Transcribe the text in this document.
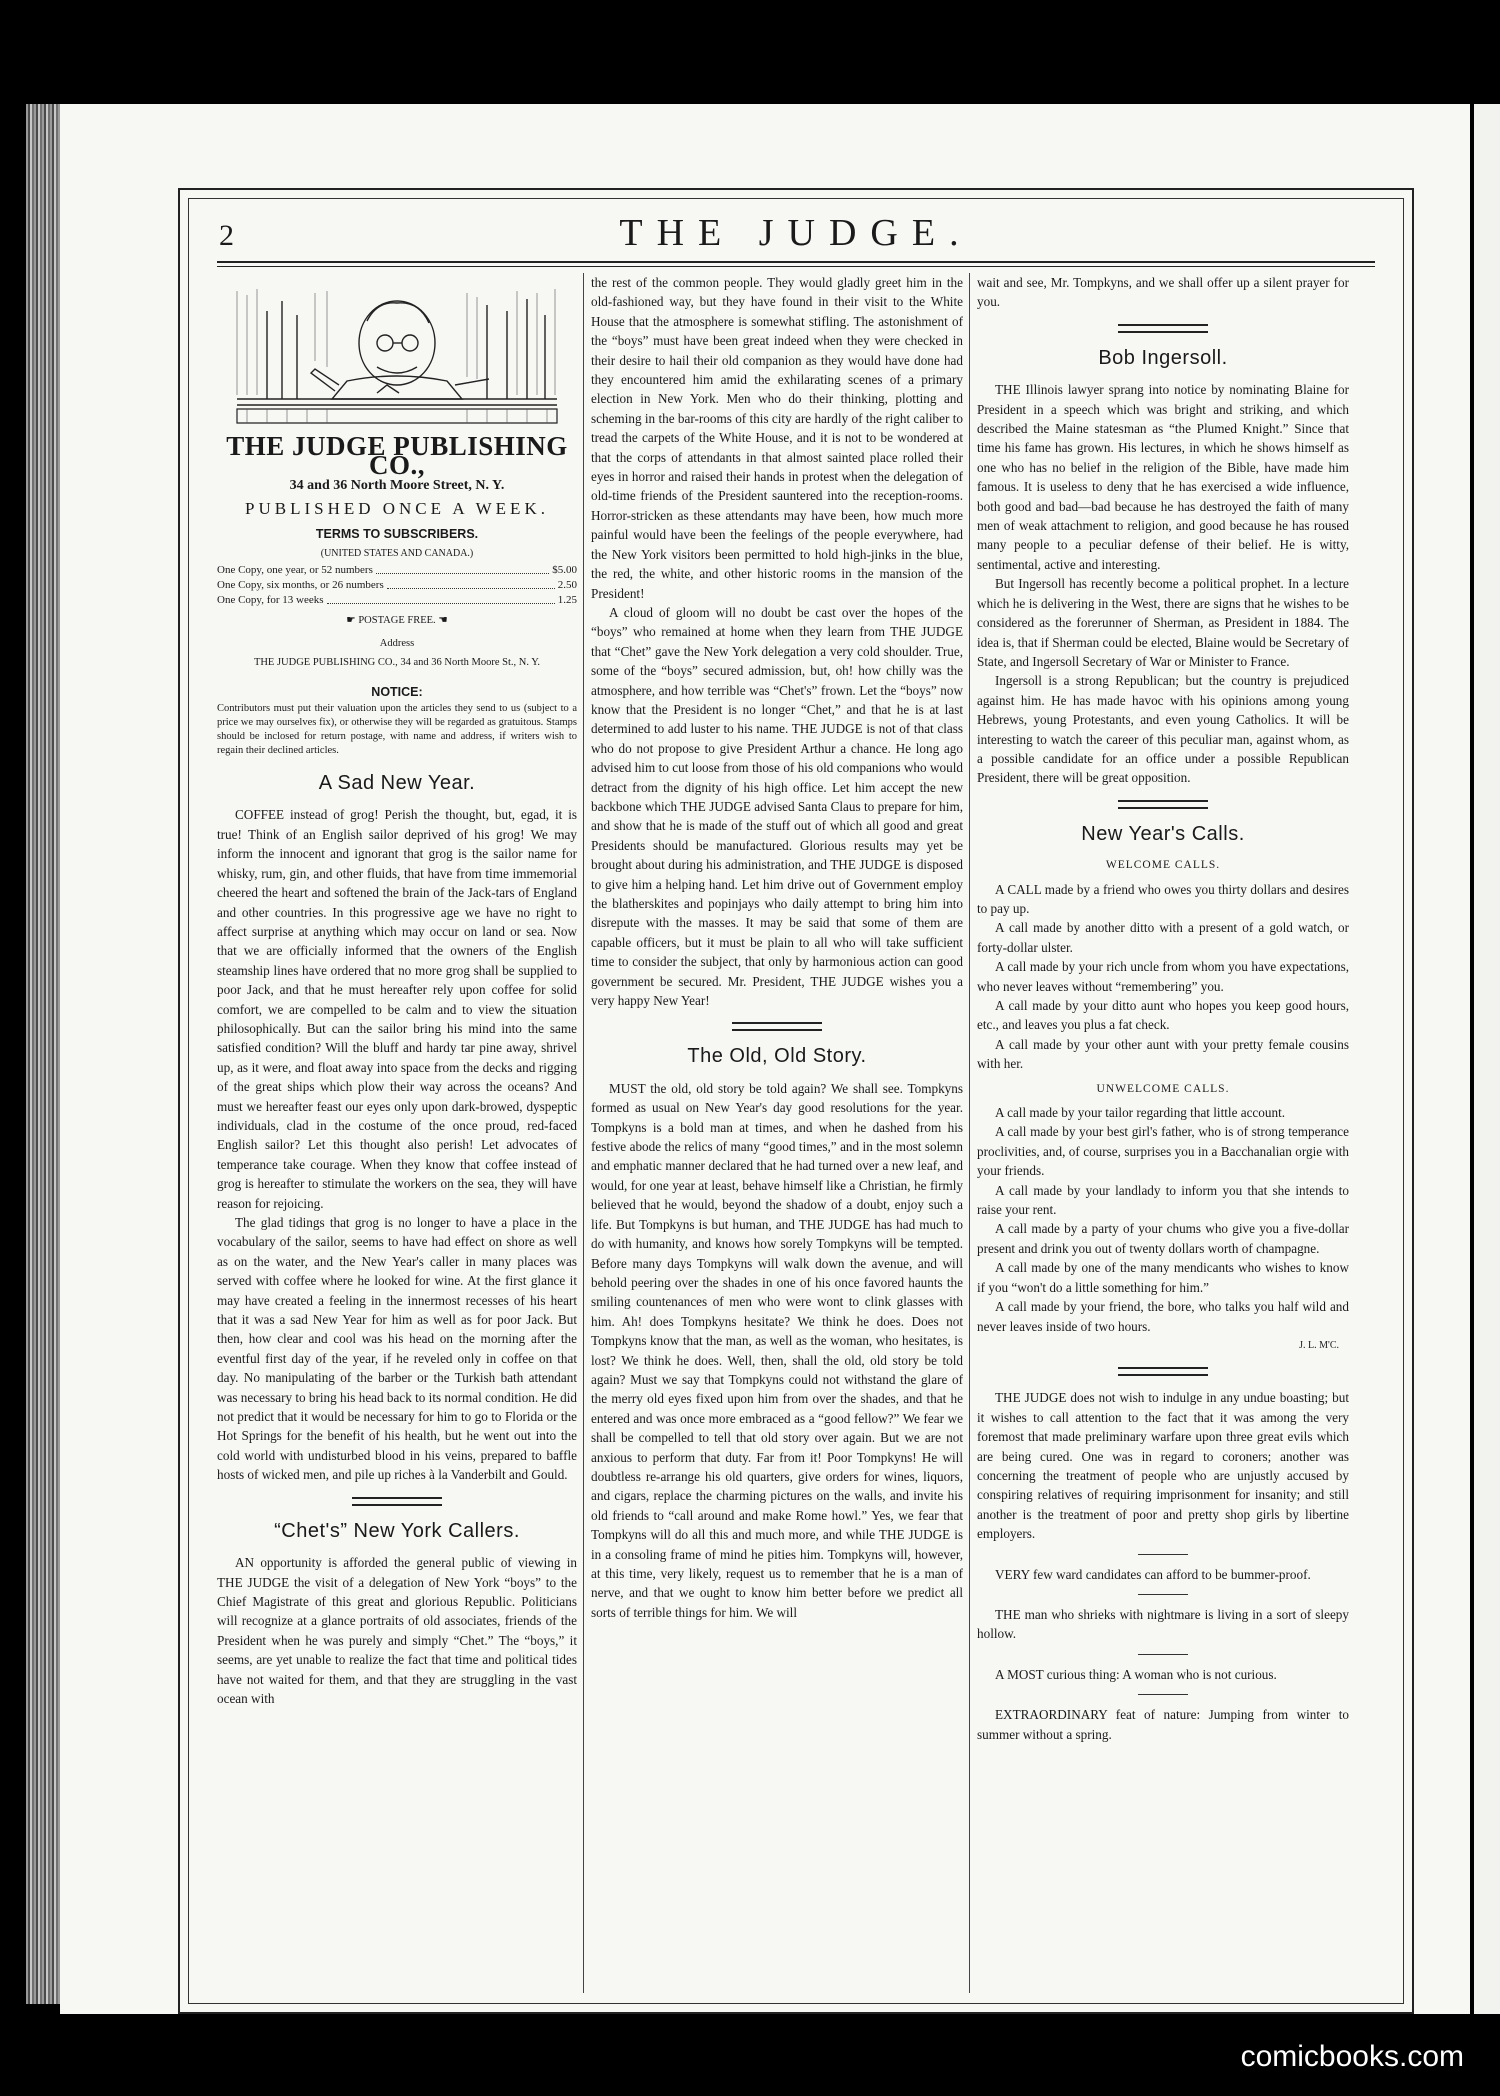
2	THE JUDGE.
THE JUDGE PUBLISHING CO.,
34 and 36 North Moore Street, N. Y.
PUBLISHED ONCE A WEEK.
TERMS TO SUBSCRIBERS.
(UNITED STATES AND CANADA.)
One Copy, one year, or 52 numbers	$5.00
One Copy, six months, or 26 numbers	2.50
One Copy, for 13 weeks	1.25
☛ POSTAGE FREE. ☚
Address
THE JUDGE PUBLISHING CO., 34 and 36 North Moore St., N. Y.
NOTICE:
Contributors must put their valuation upon the articles they send to us (subject to a price we may ourselves fix), or otherwise they will be regarded as gratuitous. Stamps should be inclosed for return postage, with name and address, if writers wish to regain their declined articles.
A Sad New Year.

COFFEE instead of grog! Perish the thought, but, egad, it is true! Think of an English sailor deprived of his grog! We may inform the innocent and ignorant that grog is the sailor name for whisky, rum, gin, and other fluids, that have from time immemorial cheered the heart and softened the brain of the Jack-tars of England and other countries. In this progressive age we have no right to affect surprise at anything which may occur on land or sea. Now that we are officially informed that the owners of the English steamship lines have ordered that no more grog shall be supplied to poor Jack, and that he must hereafter rely upon coffee for solid comfort, we are compelled to be calm and to view the situation philosophically. But can the sailor bring his mind into the same satisfied condition? Will the bluff and hardy tar pine away, shrivel up, as it were, and float away into space from the decks and rigging of the great ships which plow their way across the oceans? And must we hereafter feast our eyes only upon dark-browed, dyspeptic individuals, clad in the costume of the once proud, red-faced English sailor? Let this thought also perish! Let advocates of temperance take courage. When they know that coffee instead of grog is hereafter to stimulate the workers on the sea, they will have reason for rejoicing.

The glad tidings that grog is no longer to have a place in the vocabulary of the sailor, seems to have had effect on shore as well as on the water, and the New Year's caller in many places was served with coffee where he looked for wine. At the first glance it may have created a feeling in the innermost recesses of his heart that it was a sad New Year for him as well as for poor Jack. But then, how clear and cool was his head on the morning after the eventful first day of the year, if he reveled only in coffee on that day. No manipulating of the barber or the Turkish bath attendant was necessary to bring his head back to its normal condition. He did not predict that it would be necessary for him to go to Florida or the Hot Springs for the benefit of his health, but he went out into the cold world with undisturbed blood in his veins, prepared to baffle hosts of wicked men, and pile up riches à la Vanderbilt and Gould.

“Chet's” New York Callers.

AN opportunity is afforded the general public of viewing in THE JUDGE the visit of a delegation of New York “boys” to the Chief Magistrate of this great and glorious Republic. Politicians will recognize at a glance portraits of old associates, friends of the President when he was purely and simply “Chet.” The “boys,” it seems, are yet unable to realize the fact that time and political tides have not waited for them, and that they are struggling in the vast ocean with

the rest of the common people. They would gladly greet him in the old-fashioned way, but they have found in their visit to the White House that the atmosphere is somewhat stifling. The astonishment of the “boys” must have been great indeed when they were checked in their desire to hail their old companion as they would have done had they encountered him amid the exhilarating scenes of a primary election in New York. Men who do their thinking, plotting and scheming in the bar-rooms of this city are hardly of the right caliber to tread the carpets of the White House, and it is not to be wondered at that the corps of attendants in that almost sainted place rolled their eyes in horror and raised their hands in protest when the delegation of old-time friends of the President sauntered into the reception-rooms. Horror-stricken as these attendants may have been, how much more painful would have been the feelings of the people everywhere, had the New York visitors been permitted to hold high-jinks in the blue, the red, the white, and other historic rooms in the mansion of the President!

A cloud of gloom will no doubt be cast over the hopes of the “boys” who remained at home when they learn from THE JUDGE that “Chet” gave the New York delegation a very cold shoulder. True, some of the “boys” secured admission, but, oh! how chilly was the atmosphere, and how terrible was “Chet's” frown. Let the “boys” now know that the President is no longer “Chet,” and that he is at last determined to add luster to his name. THE JUDGE is not of that class who do not propose to give President Arthur a chance. He long ago advised him to cut loose from those of his old companions who would detract from the dignity of his high office. Let him accept the new backbone which THE JUDGE advised Santa Claus to prepare for him, and show that he is made of the stuff out of which all good and great Presidents should be manufactured. Glorious results may yet be brought about during his administration, and THE JUDGE is disposed to give him a helping hand. Let him drive out of Government employ the blatherskites and popinjays who daily attempt to bring him into disrepute with the masses. It may be said that some of them are capable officers, but it must be plain to all who will take sufficient time to consider the subject, that only by harmonious action can good government be secured. Mr. President, THE JUDGE wishes you a very happy New Year!

The Old, Old Story.

MUST the old, old story be told again? We shall see. Tompkyns formed as usual on New Year's day good resolutions for the year. Tompkyns is a bold man at times, and when he dashed from his festive abode the relics of many “good times,” and in the most solemn and emphatic manner declared that he had turned over a new leaf, and would, for one year at least, behave himself like a Christian, he firmly believed that he would, beyond the shadow of a doubt, enjoy such a life. But Tompkyns is but human, and THE JUDGE has had much to do with humanity, and knows how sorely Tompkyns will be tempted. Before many days Tompkyns will walk down the avenue, and will behold peering over the shades in one of his once favored haunts the smiling countenances of men who were wont to clink glasses with him. Ah! does Tompkyns hesitate? We think he does. Does not Tompkyns know that the man, as well as the woman, who hesitates, is lost? We think he does. Well, then, shall the old, old story be told again? Must we say that Tompkyns could not withstand the glare of the merry old eyes fixed upon him from over the shades, and that he entered and was once more embraced as a “good fellow?” We fear we shall be compelled to tell that old story over again. But we are not anxious to perform that duty. Far from it! Poor Tompkyns! He will doubtless re-arrange his old quarters, give orders for wines, liquors, and cigars, replace the charming pictures on the walls, and invite his old friends to “call around and make Rome howl.” Yes, we fear that Tompkyns will do all this and much more, and while THE JUDGE is in a consoling frame of mind he pities him. Tompkyns will, however, at this time, very likely, request us to remember that he is a man of nerve, and that we ought to know him better before we predict all sorts of terrible things for him. We will

wait and see, Mr. Tompkyns, and we shall offer up a silent prayer for you.

Bob Ingersoll.

THE Illinois lawyer sprang into notice by nominating Blaine for President in a speech which was bright and striking, and which described the Maine statesman as “the Plumed Knight.” Since that time his fame has grown. His lectures, in which he shows himself as one who has no belief in the religion of the Bible, have made him famous. It is useless to deny that he has exercised a wide influence, both good and bad—bad because he has destroyed the faith of many men of weak attachment to religion, and good because he has roused many people to a peculiar defense of their belief. He is witty, sentimental, active and interesting.

But Ingersoll has recently become a political prophet. In a lecture which he is delivering in the West, there are signs that he wishes to be considered as the forerunner of Sherman, as President in 1884. The idea is, that if Sherman could be elected, Blaine would be Secretary of State, and Ingersoll Secretary of War or Minister to France.

Ingersoll is a strong Republican; but the country is prejudiced against him. He has made havoc with his opinions among young Hebrews, young Protestants, and even young Catholics. It will be interesting to watch the career of this peculiar man, against whom, as a possible candidate for an office under a possible Republican President, there will be great opposition.

New Year's Calls.
WELCOME CALLS.

A CALL made by a friend who owes you thirty dollars and desires to pay up.

A call made by another ditto with a present of a gold watch, or forty-dollar ulster.

A call made by your rich uncle from whom you have expectations, who never leaves without “remembering” you.

A call made by your ditto aunt who hopes you keep good hours, etc., and leaves you plus a fat check.

A call made by your other aunt with your pretty female cousins with her.

UNWELCOME CALLS.

A call made by your tailor regarding that little account.

A call made by your best girl's father, who is of strong temperance proclivities, and, of course, surprises you in a Bacchanalian orgie with your friends.

A call made by your landlady to inform you that she intends to raise your rent.

A call made by a party of your chums who give you a five-dollar present and drink you out of twenty dollars worth of champagne.

A call made by one of the many mendicants who wishes to know if you “won't do a little something for him.”

A call made by your friend, the bore, who talks you half wild and never leaves inside of two hours.

J. L. M'C.

THE JUDGE does not wish to indulge in any undue boasting; but it wishes to call attention to the fact that it was among the very foremost that made preliminary warfare upon three great evils which are being cured. One was in regard to coroners; another was concerning the treatment of people who are unjustly accused by conspiring relatives of requiring imprisonment for insanity; and still another is the treatment of poor and pretty shop girls by libertine employers.

VERY few ward candidates can afford to be bummer-proof.

THE man who shrieks with nightmare is living in a sort of sleepy hollow.

A MOST curious thing: A woman who is not curious.

EXTRAORDINARY feat of nature: Jumping from winter to summer without a spring.

comicbooks.com
